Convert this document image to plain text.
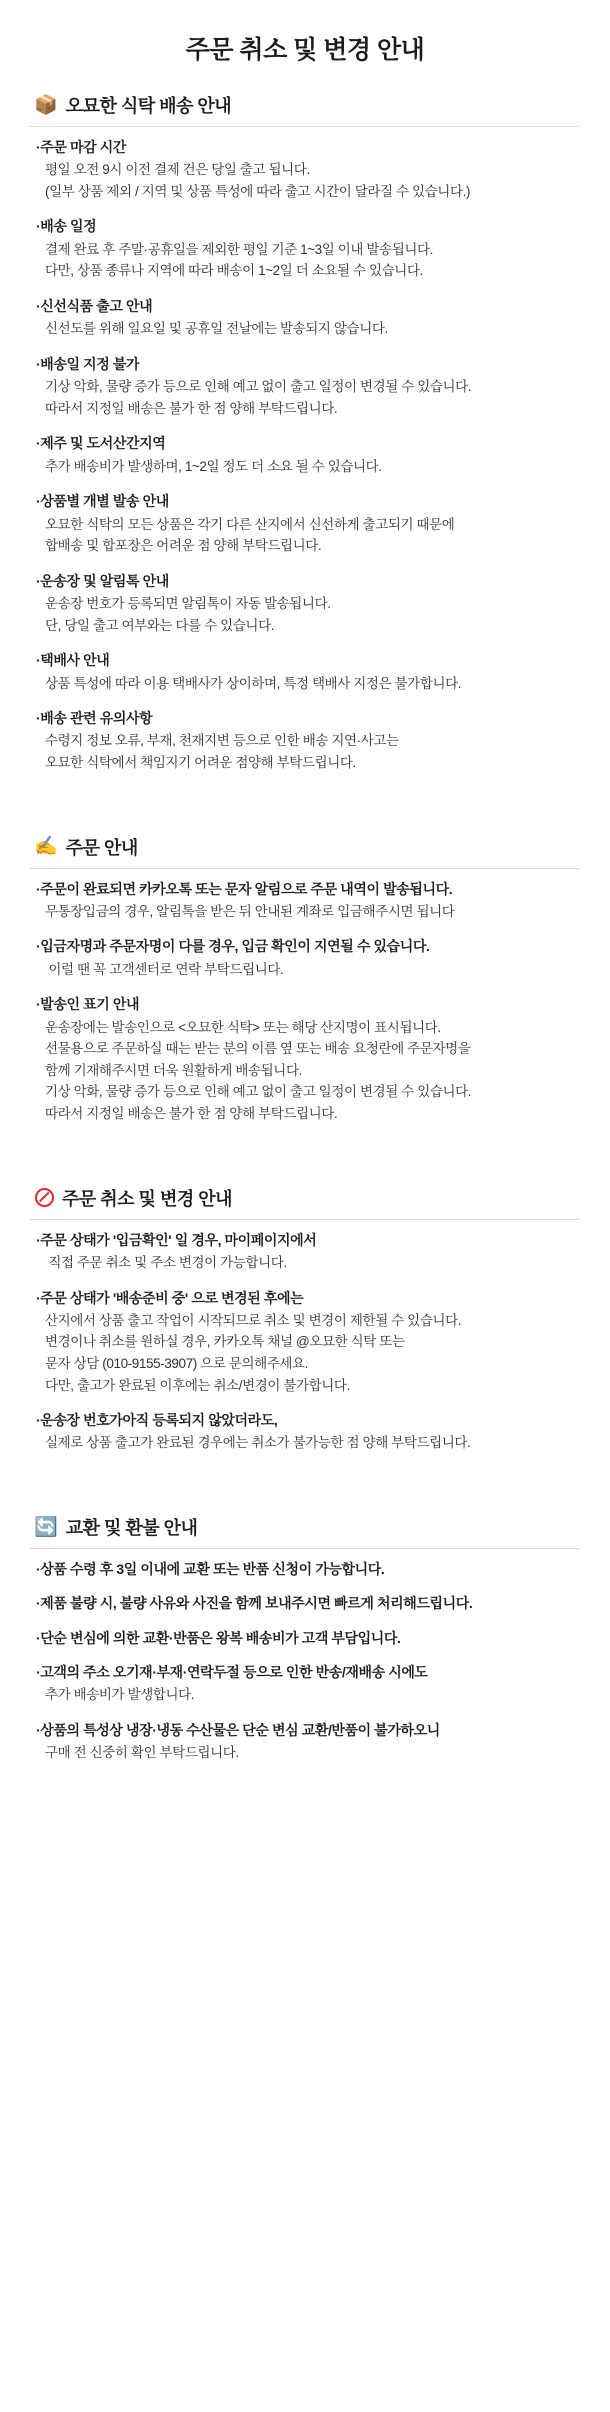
주문 취소 및 변경 안내
📦 오묘한 식탁 배송 안내
·주문 마감 시간
평일 오전 9시 이전 결제 건은 당일 출고 됩니다.
(일부 상품 제외 / 지역 및 상품 특성에 따라 출고 시간이 달라질 수 있습니다.)
·배송 일정
결제 완료 후 주말·공휴일을 제외한 평일 기준 1~3일 이내 발송됩니다.
다만, 상품 종류나 지역에 따라 배송이 1~2일 더 소요될 수 있습니다.
·신선식품 출고 안내
신선도를 위해 일요일 및 공휴일 전날에는 발송되지 않습니다.
·배송일 지정 불가
기상 악화, 물량 증가 등으로 인해 예고 없이 출고 일정이 변경될 수 있습니다.
따라서 지정일 배송은 불가 한 점 양해 부탁드립니다.
·제주 및 도서산간지역
추가 배송비가 발생하며, 1~2일 정도 더 소요 될 수 있습니다.
·상품별 개별 발송 안내
오묘한 식탁의 모든 상품은 각기 다른 산지에서 신선하게 출고되기 때문에
합배송 및 합포장은 어려운 점 양해 부탁드립니다.
·운송장 및 알림톡 안내
운송장 번호가 등록되면 알림톡이 자동 발송됩니다.
단, 당일 출고 여부와는 다를 수 있습니다.
·택배사 안내
상품 특성에 따라 이용 택배사가 상이하며, 특정 택배사 지정은 불가합니다.
·배송 관련 유의사항
수령지 정보 오류, 부재, 천재지변 등으로 인한 배송 지연·사고는
오묘한 식탁에서 책임지기 어려운 점양해 부탁드립니다.
✍️ 주문 안내
·주문이 완료되면 카카오톡 또는 문자 알림으로 주문 내역이 발송됩니다.
무통장입금의 경우, 알림톡을 받은 뒤 안내된 계좌로 입금해주시면 됩니다
·입금자명과 주문자명이 다를 경우, 입금 확인이 지연될 수 있습니다.
이럴 땐 꼭 고객센터로 연락 부탁드립니다.
·발송인 표기 안내
운송장에는 발송인으로 <오묘한 식탁> 또는 해당 산지명이 표시됩니다.
선물용으로 주문하실 때는 받는 분의 이름 옆 또는 배송 요청란에 주문자명을
함께 기재해주시면 더욱 원활하게 배송됩니다.
기상 악화, 물량 증가 등으로 인해 예고 없이 출고 일정이 변경될 수 있습니다.
따라서 지정일 배송은 불가 한 점 양해 부탁드립니다.
주문 취소 및 변경 안내
·주문 상태가 '입금확인' 일 경우, 마이페이지에서
직접 주문 취소 및 주소 변경이 가능합니다.
·주문 상태가 '배송준비 중' 으로 변경된 후에는
산지에서 상품 출고 작업이 시작되므로 취소 및 변경이 제한될 수 있습니다.
변경이나 취소를 원하실 경우, 카카오톡 채널 @오묘한 식탁 또는
문자 상담 (010-9155-3907) 으로 문의해주세요.
다만, 출고가 완료된 이후에는 취소/변경이 불가합니다.
·운송장 번호가아직 등록되지 않았더라도,
실제로 상품 출고가 완료된 경우에는 취소가 불가능한 점 양해 부탁드립니다.
🔄 교환 및 환불 안내
·상품 수령 후 3일 이내에 교환 또는 반품 신청이 가능합니다.
·제품 불량 시, 불량 사유와 사진을 함께 보내주시면 빠르게 처리해드립니다.
·단순 변심에 의한 교환·반품은 왕복 배송비가 고객 부담입니다.
·고객의 주소 오기재·부재·연락두절 등으로 인한 반송/재배송 시에도
추가 배송비가 발생합니다.
·상품의 특성상 냉장·냉동 수산물은 단순 변심 교환/반품이 불가하오니
구매 전 신중히 확인 부탁드립니다.
